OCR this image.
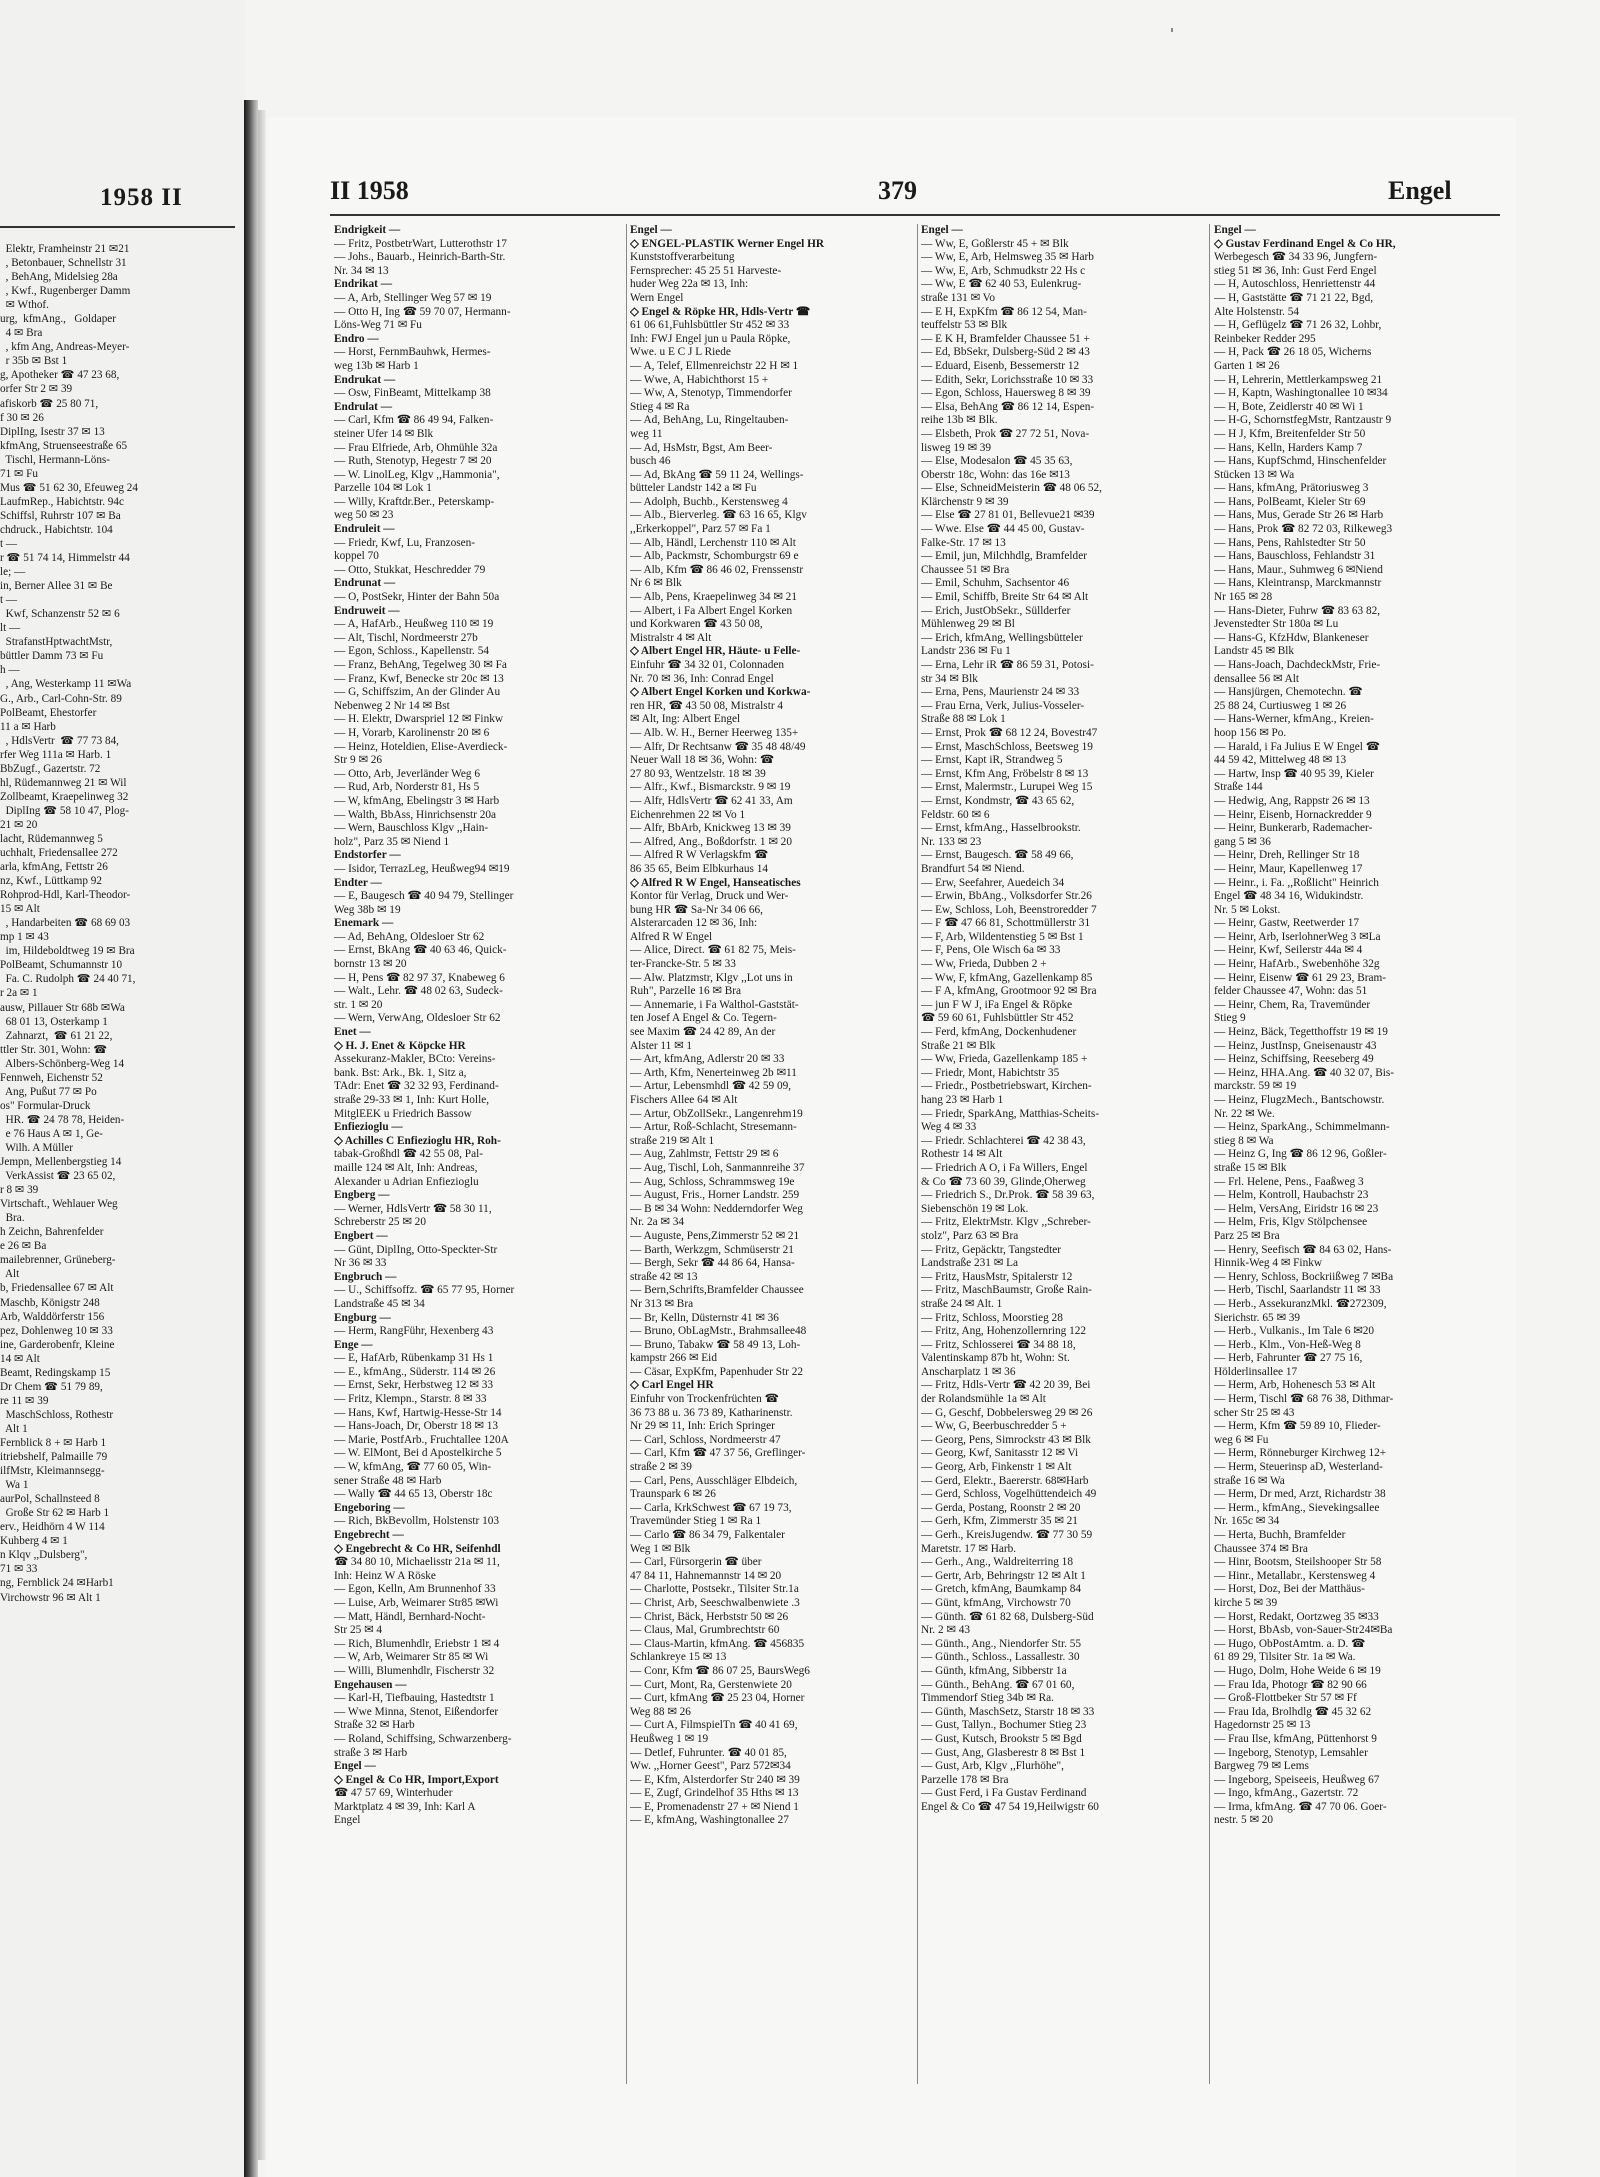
1958 II
Elektr, Framheinstr 21 ✉21
, Betonbauer, Schnellstr 31
, BehAng, Midelsieg 28a
, Kwf., Rugenberger Damm
✉ Wthof.
urg,  kfmAng.,   Goldaper
4 ✉ Bra
, kfm Ang, Andreas-Meyer-
r 35b ✉ Bst 1
g, Apotheker ☎ 47 23 68,
orfer Str 2 ✉ 39
afiskorb ☎ 25 80 71,
f 30 ✉ 26
DiplIng, Isestr 37 ✉ 13
kfmAng, Struenseestraße 65
Tischl, Hermann-Löns-
71 ✉ Fu
Mus ☎ 51 62 30, Efeuweg 24
LaufmRep., Habichtstr. 94c
Schiffsl, Ruhrstr 107 ✉ Ba
chdruck., Habichtstr. 104
t —
r ☎ 51 74 14, Himmelstr 44
le; —
in, Berner Allee 31 ✉ Be
t —
Kwf, Schanzenstr 52 ✉ 6
lt —
StrafanstHptwachtMstr,
büttler Damm 73 ✉ Fu
h —
, Ang, Westerkamp 11 ✉Wa
G., Arb., Carl-Cohn-Str. 89
PolBeamt, Ehestorfer
11 a ✉ Harb
, HdlsVertr  ☎ 77 73 84,
rfer Weg 111a ✉ Harb. 1
BbZugf., Gazertstr. 72
hl, Rüdemannweg 21 ✉ Wil
Zollbeamt, Kraepelinweg 32
DiplIng ☎ 58 10 47, Plog-
21 ✉ 20
lacht, Rüdemannweg 5
uchhalt, Friedensallee 272
arla, kfmAng, Fettstr 26
nz, Kwf., Lüttkamp 92
Rohprod-Hdl, Karl-Theodor-
15 ✉ Alt
, Handarbeiten ☎ 68 69 03
mp 1 ✉ 43
im, Hildeboldtweg 19 ✉ Bra
PolBeamt, Schumannstr 10
Fa. C. Rudolph ☎ 24 40 71,
r 2a ✉ 1
ausw, Pillauer Str 68b ✉Wa
68 01 13, Osterkamp 1
Zahnarzt,  ☎ 61 21 22,
ttler Str. 301, Wohn: ☎
Albers-Schönberg-Weg 14
Fennweh, Eichenstr 52
Ang, Pußut 77 ✉ Po
os" Formular-Druck
HR. ☎ 24 78 78, Heiden-
e 76 Haus A ✉ 1, Ge-
Wilh. A Müller
Jempn, Mellenbergstieg 14
VerkAssist ☎ 23 65 02,
r 8 ✉ 39
Virtschaft., Wehlauer Weg
Bra.
h Zeichn, Bahrenfelder
e 26 ✉ Ba
mailebrenner, Grüneberg-
Alt
b, Friedensallee 67 ✉ Alt
Maschb, Königstr 248
Arb, Walddörferstr 156
pez, Dohlenweg 10 ✉ 33
ine, Garderobenfr, Kleine
14 ✉ Alt
Beamt, Redingskamp 15
Dr Chem ☎ 51 79 89,
re 11 ✉ 39
MaschSchloss, Rothestr
Alt 1
Fernblick 8 + ✉ Harb 1
itriebshelf, Palmaille 79
ilfMstr, Kleimannsegg-
Wa 1
aurPol, Schallnsteed 8
Große Str 62 ✉ Harb 1
erv., Heidhörn 4 W 114
Kuhberg 4 ✉ 1
n Klqv ,,Dulsberg",
71 ✉ 33
ng, Fernblick 24 ✉Harb1
Virchowstr 96 ✉ Alt 1
II 1958	379	Engel
Endrigkeit —
— Fritz, PostbetrWart, Lutterothstr 17
— Johs., Bauarb., Heinrich-Barth-Str.
Nr. 34 ✉ 13
Endrikat —
— A, Arb, Stellinger Weg 57 ✉ 19
— Otto H, Ing ☎ 59 70 07, Hermann-
Löns-Weg 71 ✉ Fu
Endro —
— Horst, FernmBauhwk, Hermes-
weg 13b ✉ Harb 1
Endrukat —
— Osw, FinBeamt, Mittelkamp 38
Endrulat —
— Carl, Kfm ☎ 86 49 94, Falken-
steiner Ufer 14 ✉ Blk
— Frau Elfriede, Arb, Ohmühle 32a
— Ruth, Stenotyp, Hegestr 7 ✉ 20
— W. LinolLeg, Klgv ,,Hammonia",
Parzelle 104 ✉ Lok 1
— Willy, Kraftdr.Ber., Peterskamp-
weg 50 ✉ 23
Endruleit —
— Friedr, Kwf, Lu, Franzosen-
koppel 70
— Otto, Stukkat, Heschredder 79
Endrunat —
— O, PostSekr, Hinter der Bahn 50a
Endruweit —
— A, HafArb., Heußweg 110 ✉ 19
— Alt, Tischl, Nordmeerstr 27b
— Egon, Schloss., Kapellenstr. 54
— Franz, BehAng, Tegelweg 30 ✉ Fa
— Franz, Kwf, Benecke str 20c ✉ 13
— G, Schiffszim, An der Glinder Au
Nebenweg 2 Nr 14 ✉ Bst
— H. Elektr, Dwarspriel 12 ✉ Finkw
— H, Vorarb, Karolinenstr 20 ✉ 6
— Heinz, Hoteldien, Elise-Averdieck-
Str 9 ✉ 26
— Otto, Arb, Jeverländer Weg 6
— Rud, Arb, Norderstr 81, Hs 5
— W, kfmAng, Ebelingstr 3 ✉ Harb
— Walth, BbAss, Hinrichsenstr 20a
— Wern, Bauschloss Klgv ,,Hain-
holz", Parz 35 ✉ Niend 1
Endstorfer —
— Isidor, TerrazLeg, Heußweg94 ✉19
Endter —
— E, Baugesch ☎ 40 94 79, Stellinger
Weg 38b ✉ 19
Enemark —
— Ad, BehAng, Oldesloer Str 62
— Ernst, BkAng ☎ 40 63 46, Quick-
bornstr 13 ✉ 20
— H, Pens ☎ 82 97 37, Knabeweg 6
— Walt., Lehr. ☎ 48 02 63, Sudeck-
str. 1 ✉ 20
— Wern, VerwAng, Oldesloer Str 62
Enet —
◇ H. J. Enet & Köpcke HR
Assekuranz-Makler, BCto: Vereins-
bank. Bst: Ark., Bk. 1, Sitz a,
TAdr: Enet ☎ 32 32 93, Ferdinand-
straße 29-33 ✉ 1, Inh: Kurt Holle,
MitglEEK u Friedrich Bassow
Enfiezioglu —
◇ Achilles C Enfiezioglu HR, Roh-
tabak-Großhdl ☎ 42 55 08, Pal-
maille 124 ✉ Alt, Inh: Andreas,
Alexander u Adrian Enfiezioglu
Engberg —
— Werner, HdlsVertr ☎ 58 30 11,
Schreberstr 25 ✉ 20
Engbert —
— Günt, DiplIng, Otto-Speckter-Str
Nr 36 ✉ 33
Engbruch —
— U., Schiffsoffz. ☎ 65 77 95, Horner
Landstraße 45 ✉ 34
Engburg —
— Herm, RangFühr, Hexenberg 43
Enge —
— E, HafArb, Rübenkamp 31 Hs 1
— E., kfmAng., Süderstr. 114 ✉ 26
— Ernst, Sekr, Herbstweg 12 ✉ 33
— Fritz, Klempn., Starstr. 8 ✉ 33
— Hans, Kwf, Hartwig-Hesse-Str 14
— Hans-Joach, Dr, Oberstr 18 ✉ 13
— Marie, PostfArb., Fruchtallee 120A
— W. ElMont, Bei d Apostelkirche 5
— W, kfmAng, ☎ 77 60 05, Win-
sener Straße 48 ✉ Harb
— Wally ☎ 44 65 13, Oberstr 18c
Engeboring —
— Rich, BkBevollm, Holstenstr 103
Engebrecht —
◇ Engebrecht & Co HR, Seifenhdl
☎ 34 80 10, Michaelisstr 21a ✉ 11,
Inh: Heinz W A Röske
— Egon, Kelln, Am Brunnenhof 33
— Luise, Arb, Weimarer Str85 ✉Wi
— Matt, Händl, Bernhard-Nocht-
Str 25 ✉ 4
— Rich, Blumenhdlr, Eriebstr 1 ✉ 4
— W, Arb, Weimarer Str 85 ✉ Wi
— Willi, Blumenhdlr, Fischerstr 32
Engehausen —
— Karl-H, Tiefbauing, Hastedtstr 1
— Wwe Minna, Stenot, Eißendorfer
Straße 32 ✉ Harb
— Roland, Schiffsing, Schwarzenberg-
straße 3 ✉ Harb
Engel —
◇ Engel & Co HR, Import,Export
☎ 47 57 69, Winterhuder
Marktplatz 4 ✉ 39, Inh: Karl A
Engel
Engel —
◇ ENGEL-PLASTIK Werner Engel HR
Kunststoffverarbeitung
Fernsprecher: 45 25 51 Harveste-
huder Weg 22a ✉ 13, Inh:
Wern Engel
◇ Engel & Röpke HR, Hdls-Vertr ☎
61 06 61,Fuhlsbüttler Str 452 ✉ 33
Inh: FWJ Engel jun u Paula Röpke,
Wwe. u E C J L Riede
— A, Telef, Ellmenreichstr 22 H ✉ 1
— Wwe, A, Habichthorst 15 +
— Ww, A, Stenotyp, Timmendorfer
Stieg 4 ✉ Ra
— Ad, BehAng, Lu, Ringeltauben-
weg 11
— Ad, HsMstr, Bgst, Am Beer-
busch 46
— Ad, BkAng ☎ 59 11 24, Wellings-
bütteler Landstr 142 a ✉ Fu
— Adolph, Buchb., Kerstensweg 4
— Alb., Bierverleg. ☎ 63 16 65, Klgv
,,Erkerkoppel", Parz 57 ✉ Fa 1
— Alb, Händl, Lerchenstr 110 ✉ Alt
— Alb, Packmstr, Schomburgstr 69 e
— Alb, Kfm ☎ 86 46 02, Frenssenstr
Nr 6 ✉ Blk
— Alb, Pens, Kraepelinweg 34 ✉ 21
— Albert, i Fa Albert Engel Korken
und Korkwaren ☎ 43 50 08,
Mistralstr 4 ✉ Alt
◇ Albert Engel HR, Häute- u Felle-
Einfuhr ☎ 34 32 01, Colonnaden
Nr. 70 ✉ 36, Inh: Conrad Engel
◇ Albert Engel Korken und Korkwa-
ren HR, ☎ 43 50 08, Mistralstr 4
✉ Alt, Ing: Albert Engel
— Alb. W. H., Berner Heerweg 135+
— Alfr, Dr Rechtsanw ☎ 35 48 48/49
Neuer Wall 18 ✉ 36, Wohn: ☎
27 80 93, Wentzelstr. 18 ✉ 39
— Alfr., Kwf., Bismarckstr. 9 ✉ 19
— Alfr, HdlsVertr ☎ 62 41 33, Am
Eichenrehmen 22 ✉ Vo 1
— Alfr, BbArb, Knickweg 13 ✉ 39
— Alfred, Ang., Boßdorfstr. 1 ✉ 20
— Alfred R W Verlagskfm ☎
86 35 65, Beim Elbkurhaus 14
◇ Alfred R W Engel, Hanseatisches
Kontor für Verlag, Druck und Wer-
bung HR ☎ Sa-Nr 34 06 66,
Alsterarcaden 12 ✉ 36, Inh:
Alfred R W Engel
— Alice, Direct. ☎ 61 82 75, Meis-
ter-Francke-Str. 5 ✉ 33
— Alw. Platzmstr, Klgv ,,Lot uns in
Ruh", Parzelle 16 ✉ Bra
— Annemarie, i Fa Walthol-Gaststät-
ten Josef A Engel & Co. Tegern-
see Maxim ☎ 24 42 89, An der
Alster 11 ✉ 1
— Art, kfmAng, Adlerstr 20 ✉ 33
— Arth, Kfm, Nenerteinweg 2b ✉11
— Artur, Lebensmhdl ☎ 42 59 09,
Fischers Allee 64 ✉ Alt
— Artur, ObZollSekr., Langenrehm19
— Artur, Roß-Schlacht, Stresemann-
straße 219 ✉ Alt 1
— Aug, Zahlmstr, Fettstr 29 ✉ 6
— Aug, Tischl, Loh, Sanmannreihe 37
— Aug, Schloss, Schrammsweg 19e
— August, Fris., Horner Landstr. 259
— B ✉ 34 Wohn: Nedderndorfer Weg
Nr. 2a ✉ 34
— Auguste, Pens,Zimmerstr 52 ✉ 21
— Barth, Werkzgm, Schmüserstr 21
— Bergh, Sekr ☎ 44 86 64, Hansa-
straße 42 ✉ 13
— Bern,Schrifts,Bramfelder Chaussee
Nr 313 ✉ Bra
— Br, Kelln, Düsternstr 41 ✉ 36
— Bruno, ObLagMstr., Brahmsallee48
— Bruno, Tabakw ☎ 58 49 13, Loh-
kampstr 266 ✉ Eid
— Cäsar, ExpKfm, Papenhuder Str 22
◇ Carl Engel HR
Einfuhr von Trockenfrüchten ☎
36 73 88 u. 36 73 89, Katharinenstr.
Nr 29 ✉ 11, Inh: Erich Springer
— Carl, Schloss, Nordmeerstr 47
— Carl, Kfm ☎ 47 37 56, Greflinger-
straße 2 ✉ 39
— Carl, Pens, Ausschläger Elbdeich,
Traunspark 6 ✉ 26
— Carla, KrkSchwest ☎ 67 19 73,
Travemünder Stieg 1 ✉ Ra 1
— Carlo ☎ 86 34 79, Falkentaler
Weg 1 ✉ Blk
— Carl, Fürsorgerin ☎ über
47 84 11, Hahnemannstr 14 ✉ 20
— Charlotte, Postsekr., Tilsiter Str.1a
— Christ, Arb, Seeschwalbenwiete .3
— Christ, Bäck, Herbststr 50 ✉ 26
— Claus, Mal, Grumbrechtstr 60
— Claus-Martin, kfmAng. ☎ 456835
Schlankreye 15 ✉ 13
— Conr, Kfm ☎ 86 07 25, BaursWeg6
— Curt, Mont, Ra, Gerstenwiete 20
— Curt, kfmAng ☎ 25 23 04, Horner
Weg 88 ✉ 26
— Curt A, FilmspielTn ☎ 40 41 69,
Heußweg 1 ✉ 19
— Detlef, Fuhrunter. ☎ 40 01 85,
Ww. ,,Horner Geest", Parz 572✉34
— E, Kfm, Alsterdorfer Str 240 ✉ 39
— E, Zugf, Grindelhof 35 Hths ✉ 13
— E, Promenadenstr 27 + ✉ Niend 1
— E, kfmAng, Washingtonallee 27
Engel —
— Ww, E, Goßlerstr 45 + ✉ Blk
— Ww, E, Arb, Helmsweg 35 ✉ Harb
— Ww, E, Arb, Schmudkstr 22 Hs c
— Ww, E ☎ 62 40 53, Eulenkrug-
straße 131 ✉ Vo
— E H, ExpKfm ☎ 86 12 54, Man-
teuffelstr 53 ✉ Blk
— E K H, Bramfelder Chaussee 51 +
— Ed, BbSekr, Dulsberg-Süd 2 ✉ 43
— Eduard, Eisenb, Bessemerstr 12
— Edith, Sekr, Lorichsstraße 10 ✉ 33
— Egon, Schloss, Hauersweg 8 ✉ 39
— Elsa, BehAng ☎ 86 12 14, Espen-
reihe 13b ✉ Blk.
— Elsbeth, Prok ☎ 27 72 51, Nova-
lisweg 19 ✉ 39
— Else, Modesalon ☎ 45 35 63,
Oberstr 18c, Wohn: das 16e ✉13
— Else, SchneidMeisterin ☎ 48 06 52,
Klärchenstr 9 ✉ 39
— Else ☎ 27 81 01, Bellevue21 ✉39
— Wwe. Else ☎ 44 45 00, Gustav-
Falke-Str. 17 ✉ 13
— Emil, jun, Milchhdlg, Bramfelder
Chaussee 51 ✉ Bra
— Emil, Schuhm, Sachsentor 46
— Emil, Schiffb, Breite Str 64 ✉ Alt
— Erich, JustObSekr., Süllderfer
Mühlenweg 29 ✉ Bl
— Erich, kfmAng, Wellingsbütteler
Landstr 236 ✉ Fu 1
— Erna, Lehr iR ☎ 86 59 31, Potosi-
str 34 ✉ Blk
— Erna, Pens, Maurienstr 24 ✉ 33
— Frau Erna, Verk, Julius-Vosseler-
Straße 88 ✉ Lok 1
— Ernst, Prok ☎ 68 12 24, Bovestr47
— Ernst, MaschSchloss, Beetsweg 19
— Ernst, Kapt iR, Strandweg 5
— Ernst, Kfm Ang, Fröbelstr 8 ✉ 13
— Ernst, Malermstr., Lurupei Weg 15
— Ernst, Kondmstr, ☎ 43 65 62,
Feldstr. 60 ✉ 6
— Ernst, kfmAng., Hasselbrookstr.
Nr. 133 ✉ 23
— Ernst, Baugesch. ☎ 58 49 66,
Brandfurt 54 ✉ Niend.
— Erw, Seefahrer, Auedeich 34
— Erwin, BbAng., Volksdorfer Str.26
— Ew, Schloss, Loh, Beenstroredder 7
— F ☎ 47 66 81, Schottmüllerstr 31
— F, Arb, Wildentenstieg 5 ✉ Bst 1
— F, Pens, Ole Wisch 6a ✉ 33
— Ww, Frieda, Dubben 2 +
— Ww, F, kfmAng, Gazellenkamp 85
— F A, kfmAng, Grootmoor 92 ✉ Bra
— jun F W J, iFa Engel & Röpke
☎ 59 60 61, Fuhlsbüttler Str 452
— Ferd, kfmAng, Dockenhudener
Straße 21 ✉ Blk
— Ww, Frieda, Gazellenkamp 185 +
— Friedr, Mont, Habichtstr 35
— Friedr., Postbetriebswart, Kirchen-
hang 23 ✉ Harb 1
— Friedr, SparkAng, Matthias-Scheits-
Weg 4 ✉ 33
— Friedr. Schlachterei ☎ 42 38 43,
Rothestr 14 ✉ Alt
— Friedrich A O, i Fa Willers, Engel
& Co ☎ 73 60 39, Glinde,Oherweg
— Friedrich S., Dr.Prok. ☎ 58 39 63,
Siebenschön 19 ✉ Lok.
— Fritz, ElektrMstr. Klgv ,,Schreber-
stolz", Parz 63 ✉ Bra
— Fritz, Gepäcktr, Tangstedter
Landstraße 231 ✉ La
— Fritz, HausMstr, Spitalerstr 12
— Fritz, MaschBaumstr, Große Rain-
straße 24 ✉ Alt. 1
— Fritz, Schloss, Moorstieg 28
— Fritz, Ang, Hohenzollernring 122
— Fritz, Schlosserei ☎ 34 88 18,
Valentinskamp 87b ht, Wohn: St.
Anscharplatz 1 ✉ 36
— Fritz, Hdls-Vertr ☎ 42 20 39, Bei
der Rolandsmühle 1a ✉ Alt
— G, Geschf, Dobbelersweg 29 ✉ 26
— Ww, G, Beerbuschredder 5 +
— Georg, Pens, Simrockstr 43 ✉ Blk
— Georg, Kwf, Sanitasstr 12 ✉ Vi
— Georg, Arb, Finkenstr 1 ✉ Alt
— Gerd, Elektr., Baererstr. 68✉Harb
— Gerd, Schloss, Vogelhüttendeich 49
— Gerda, Postang, Roonstr 2 ✉ 20
— Gerh, Kfm, Zimmerstr 35 ✉ 21
— Gerh., KreisJugendw. ☎ 77 30 59
Maretstr. 17 ✉ Harb.
— Gerh., Ang., Waldreiterring 18
— Gertr, Arb, Behringstr 12 ✉ Alt 1
— Gretch, kfmAng, Baumkamp 84
— Günt, kfmAng, Virchowstr 70
— Günth. ☎ 61 82 68, Dulsberg-Süd
Nr. 2 ✉ 43
— Günth., Ang., Niendorfer Str. 55
— Günth., Schloss., Lassallestr. 30
— Günth, kfmAng, Sibberstr 1a
— Günth., BehAng. ☎ 67 01 60,
Timmendorf Stieg 34b ✉ Ra.
— Günth, MaschSetz, Starstr 18 ✉ 33
— Gust, Tallyn., Bochumer Stieg 23
— Gust, Kutsch, Brookstr 5 ✉ Bgd
— Gust, Ang, Glasberestr 8 ✉ Bst 1
— Gust, Arb, Klgv ,,Flurhöhe",
Parzelle 178 ✉ Bra
— Gust Ferd, i Fa Gustav Ferdinand
Engel & Co ☎ 47 54 19,Heilwigstr 60
Engel —
◇ Gustav Ferdinand Engel & Co HR,
Werbegesch ☎ 34 33 96, Jungfern-
stieg 51 ✉ 36, Inh: Gust Ferd Engel
— H, Autoschloss, Henriettenstr 44
— H, Gaststätte ☎ 71 21 22, Bgd,
Alte Holstenstr. 54
— H, Geflügelz ☎ 71 26 32, Lohbr,
Reinbeker Redder 295
— H, Pack ☎ 26 18 05, Wicherns
Garten 1 ✉ 26
— H, Lehrerin, Mettlerkampsweg 21
— H, Kaptn, Washingtonallee 10 ✉34
— H, Bote, Zeidlerstr 40 ✉ Wi 1
— H-G, SchornstfegMstr, Rantzaustr 9
— H J, Kfm, Breitenfelder Str 50
— Hans, Kelln, Harders Kamp 7
— Hans, KupfSchmd, Hinschenfelder
Stücken 13 ✉ Wa
— Hans, kfmAng, Prätoriusweg 3
— Hans, PolBeamt, Kieler Str 69
— Hans, Mus, Gerade Str 26 ✉ Harb
— Hans, Prok ☎ 82 72 03, Rilkeweg3
— Hans, Pens, Rahlstedter Str 50
— Hans, Bauschloss, Fehlandstr 31
— Hans, Maur., Suhmweg 6 ✉Niend
— Hans, Kleintransp, Marckmannstr
Nr 165 ✉ 28
— Hans-Dieter, Fuhrw ☎ 83 63 82,
Jevenstedter Str 180a ✉ Lu
— Hans-G, KfzHdw, Blankeneser
Landstr 45 ✉ Blk
— Hans-Joach, DachdeckMstr, Frie-
densallee 56 ✉ Alt
— Hansjürgen, Chemotechn. ☎
25 88 24, Curtiusweg 1 ✉ 26
— Hans-Werner, kfmAng., Kreien-
hoop 156 ✉ Po.
— Harald, i Fa Julius E W Engel ☎
44 59 42, Mittelweg 48 ✉ 13
— Hartw, Insp ☎ 40 95 39, Kieler
Straße 144
— Hedwig, Ang, Rappstr 26 ✉ 13
— Heinr, Eisenb, Hornackredder 9
— Heinr, Bunkerarb, Rademacher-
gang 5 ✉ 36
— Heinr, Dreh, Rellinger Str 18
— Heinr, Maur, Kapellenweg 17
— Heinr., i. Fa. ,,Roßlicht" Heinrich
Engel ☎ 48 34 16, Widukindstr.
Nr. 5 ✉ Lokst.
— Heinr, Gastw, Reetwerder 17
— Heinr, Arb, IserlohnerWeg 3 ✉La
— Heinr, Kwf, Seilerstr 44a ✉ 4
— Heinr, HafArb., Swebenhöhe 32g
— Heinr, Eisenw ☎ 61 29 23, Bram-
felder Chaussee 47, Wohn: das 51
— Heinr, Chem, Ra, Travemünder
Stieg 9
— Heinz, Bäck, Tegetthoffstr 19 ✉ 19
— Heinz, JustInsp, Gneisenaustr 43
— Heinz, Schiffsing, Reeseberg 49
— Heinz, HHA.Ang. ☎ 40 32 07, Bis-
marckstr. 59 ✉ 19
— Heinz, FlugzMech., Bantschowstr.
Nr. 22 ✉ We.
— Heinz, SparkAng., Schimmelmann-
stieg 8 ✉ Wa
— Heinz G, Ing ☎ 86 12 96, Goßler-
straße 15 ✉ Blk
— Frl. Helene, Pens., Faaßweg 3
— Helm, Kontroll, Haubachstr 23
— Helm, VersAng, Eiridstr 16 ✉ 23
— Helm, Fris, Klgv Stölpchensee
Parz 25 ✉ Bra
— Henry, Seefisch ☎ 84 63 02, Hans-
Hinnik-Weg 4 ✉ Finkw
— Henry, Schloss, Bockriißweg 7 ✉Ba
— Herb, Tischl, Saarlandstr 11 ✉ 33
— Herb., AssekuranzMkl. ☎272309,
Sierichstr. 65 ✉ 39
— Herb., Vulkanis., Im Tale 6 ✉20
— Herb., Klm., Von-Heß-Weg 8
— Herb, Fahrunter ☎ 27 75 16,
Hölderlinsallee 17
— Herm, Arb, Hohenesch 53 ✉ Alt
— Herm, Tischl ☎ 68 76 38, Dithmar-
scher Str 25 ✉ 43
— Herm, Kfm ☎ 59 89 10, Flieder-
weg 6 ✉ Fu
— Herm, Rönneburger Kirchweg 12+
— Herm, Steuerinsp aD, Westerland-
straße 16 ✉ Wa
— Herm, Dr med, Arzt, Richardstr 38
— Herm., kfmAng., Sievekingsallee
Nr. 165c ✉ 34
— Herta, Buchh, Bramfelder
Chaussee 374 ✉ Bra
— Hinr, Bootsm, Steilshooper Str 58
— Hinr., Metallabr., Kerstensweg 4
— Horst, Doz, Bei der Matthäus-
kirche 5 ✉ 39
— Horst, Redakt, Oortzweg 35 ✉33
— Horst, BbAsb, von-Sauer-Str24✉Ba
— Hugo, ObPostAmtm. a. D. ☎
61 89 29, Tilsiter Str. 1a ✉ Wa.
— Hugo, Dolm, Hohe Weide 6 ✉ 19
— Frau Ida, Photogr ☎ 82 90 66
— Groß-Flottbeker Str 57 ✉ Ff
— Frau Ida, Brolhdlg ☎ 45 32 62
Hagedornstr 25 ✉ 13
— Frau Ilse, kfmAng, Püttenhorst 9
— Ingeborg, Stenotyp, Lemsahler
Bargweg 79 ✉ Lems
— Ingeborg, Speiseeis, Heußweg 67
— Ingo, kfmAng., Gazertstr. 72
— Irma, kfmAng. ☎ 47 70 06. Goer-
nestr. 5 ✉ 20
